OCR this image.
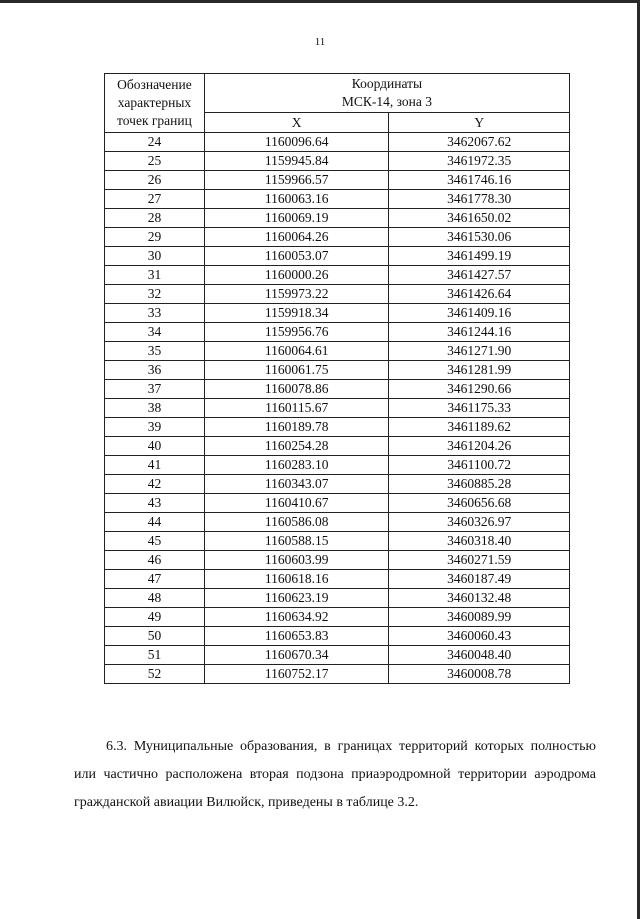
11
Обозначение характерных точек границ	Координаты
МСК-14, зона 3	
	X	Y
24	1160096.64	3462067.62
25	1159945.84	3461972.35
26	1159966.57	3461746.16
27	1160063.16	3461778.30
28	1160069.19	3461650.02
29	1160064.26	3461530.06
30	1160053.07	3461499.19
31	1160000.26	3461427.57
32	1159973.22	3461426.64
33	1159918.34	3461409.16
34	1159956.76	3461244.16
35	1160064.61	3461271.90
36	1160061.75	3461281.99
37	1160078.86	3461290.66
38	1160115.67	3461175.33
39	1160189.78	3461189.62
40	1160254.28	3461204.26
41	1160283.10	3461100.72
42	1160343.07	3460885.28
43	1160410.67	3460656.68
44	1160586.08	3460326.97
45	1160588.15	3460318.40
46	1160603.99	3460271.59
47	1160618.16	3460187.49
48	1160623.19	3460132.48
49	1160634.92	3460089.99
50	1160653.83	3460060.43
51	1160670.34	3460048.40
52	1160752.17	3460008.78
6.3. Муниципальные образования, в границах территорий которых полностью или частично расположена вторая подзона приаэродромной территории аэродрома гражданской авиации Вилюйск, приведены в таблице 3.2.
